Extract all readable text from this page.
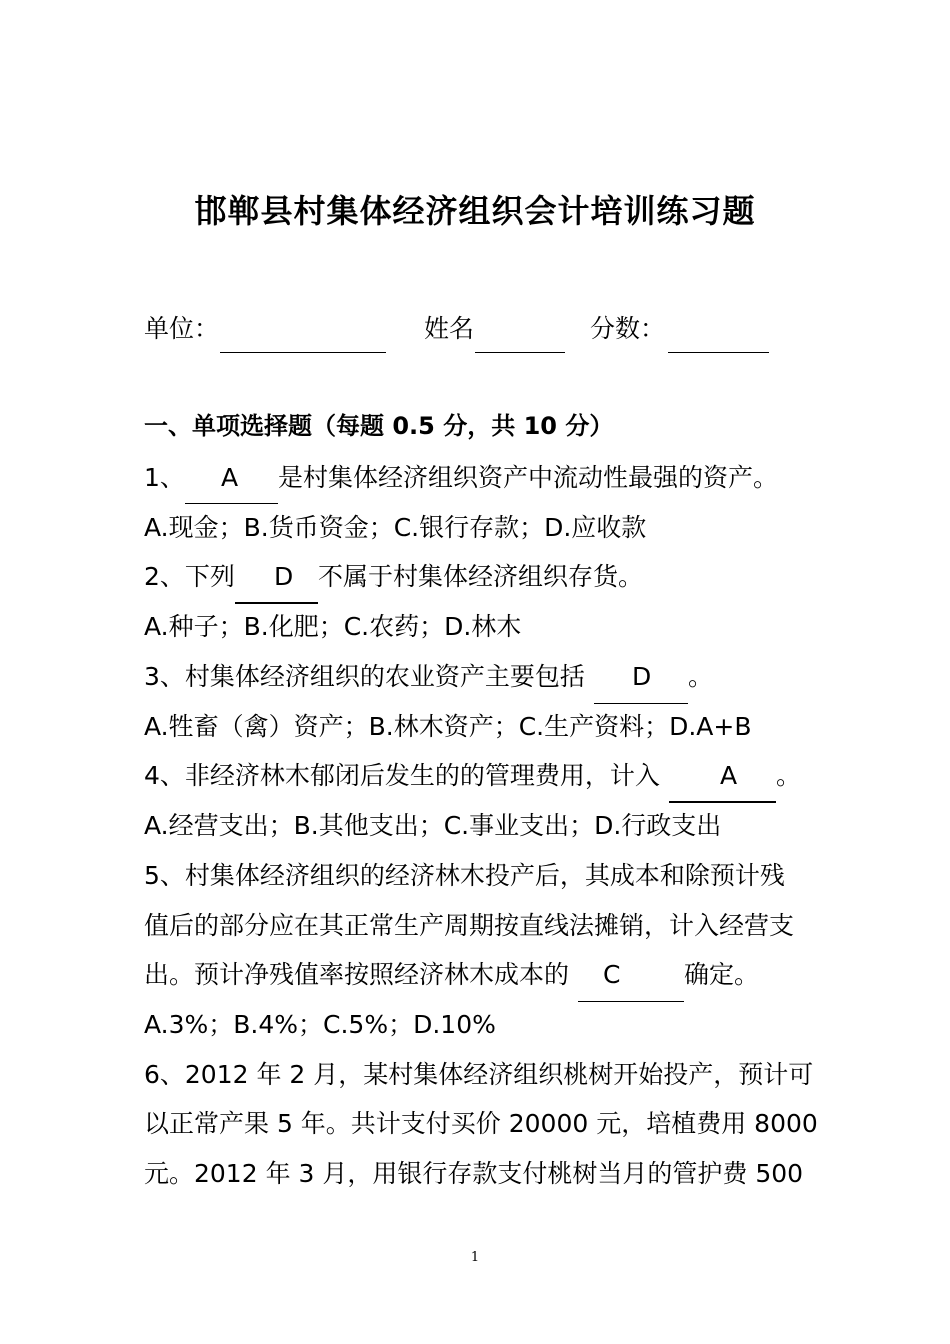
邯郸县村集体经济组织会计培训练习题
单位：	姓名	分数：
一、单项选择题（每题 0.5 分，共 10 分）
1、 A 是村集体经济组织资产中流动性最强的资产。
A.现金；B.货币资金；C.银行存款；D.应收款
2、下列 D 不属于村集体经济组织存货。
A.种子；B.化肥；C.农药；D.林木
3、村集体经济组织的农业资产主要包括 D 。
A.牲畜（禽）资产；B.林木资产；C.生产资料；D.A+B
4、非经济林木郁闭后发生的的管理费用，计入 A 。
A.经营支出；B.其他支出；C.事业支出；D.行政支出
5、村集体经济组织的经济林木投产后，其成本和除预计残
值后的部分应在其正常生产周期按直线法摊销，计入经营支
出。预计净残值率按照经济林木成本的 C	确定。
A.3%；B.4%；C.5%；D.10%
6、2012 年 2 月，某村集体经济组织桃树开始投产，预计可
以正常产果 5 年。共计支付买价 20000 元，培植费用 8000
元。2012 年 3 月，用银行存款支付桃树当月的管护费 500
1
